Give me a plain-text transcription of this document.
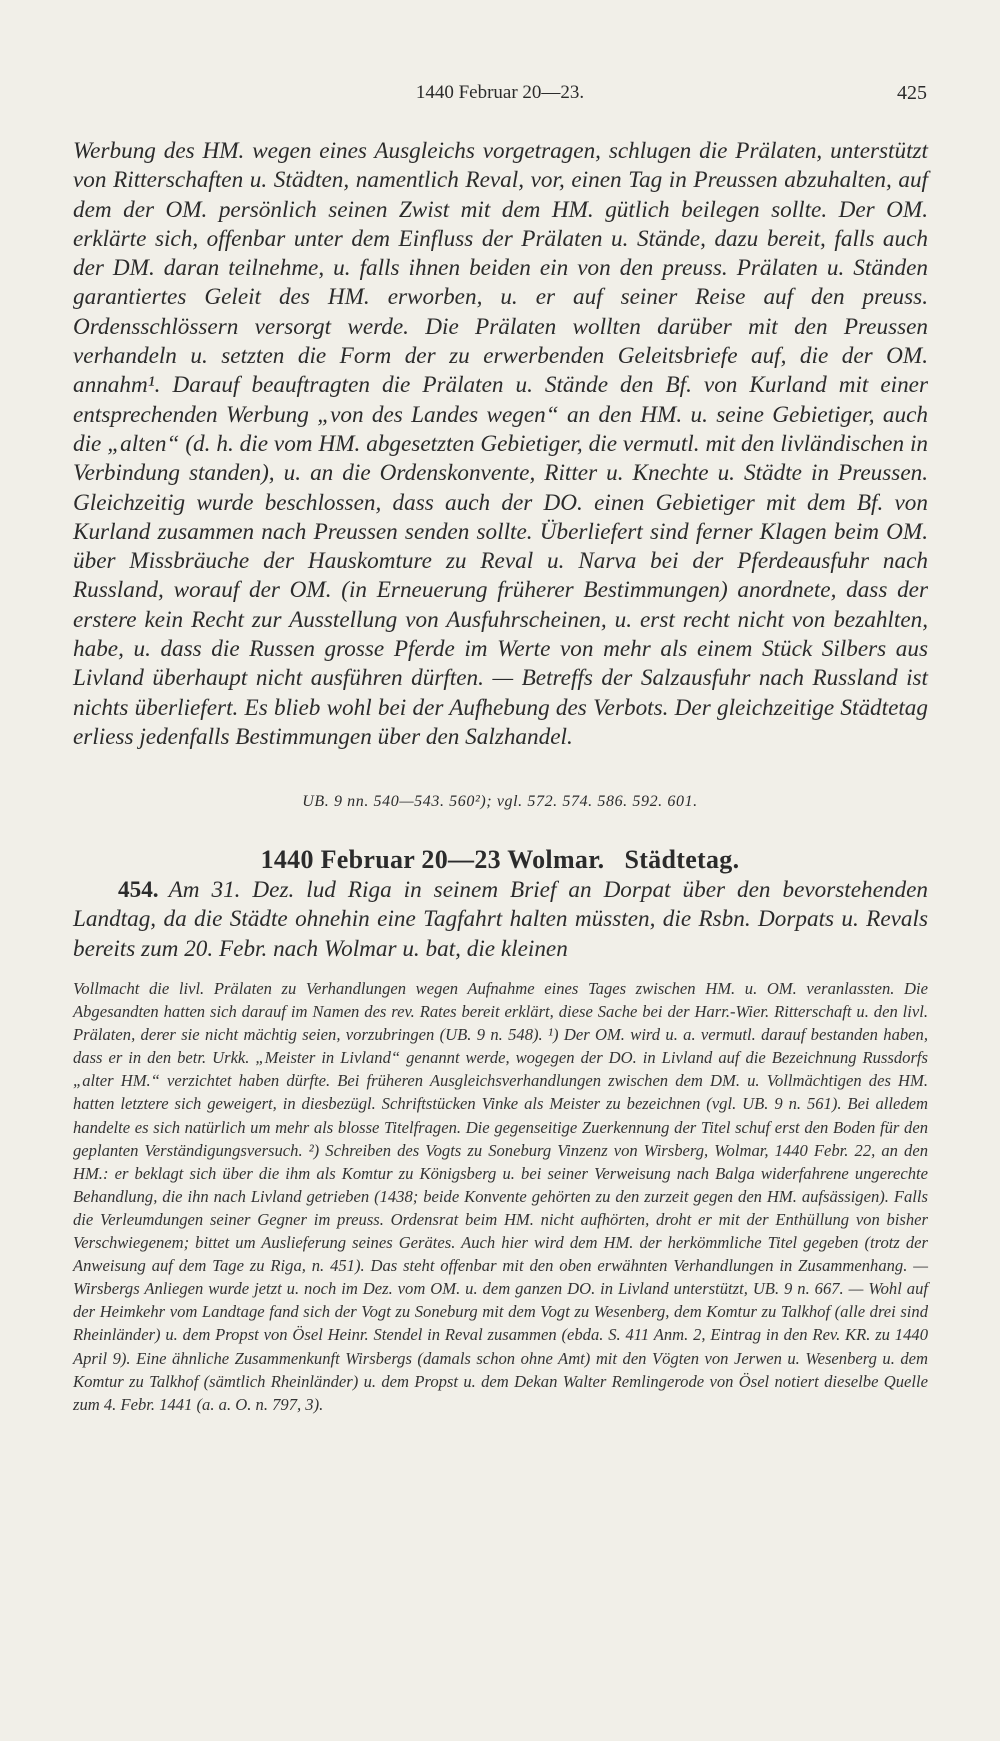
1440 Februar 20—23.	425

Werbung des HM. wegen eines Ausgleichs vorgetragen, schlugen die Prälaten, unterstützt von Ritterschaften u. Städten, namentlich Reval, vor, einen Tag in Preussen abzuhalten, auf dem der OM. persönlich seinen Zwist mit dem HM. gütlich beilegen sollte. Der OM. erklärte sich, offenbar unter dem Einfluss der Prälaten u. Stände, dazu bereit, falls auch der DM. daran teilnehme, u. falls ihnen beiden ein von den preuss. Prälaten u. Ständen garantiertes Geleit des HM. erworben, u. er auf seiner Reise auf den preuss. Ordensschlössern versorgt werde. Die Prälaten wollten darüber mit den Preussen verhandeln u. setzten die Form der zu erwerbenden Geleitsbriefe auf, die der OM. annahm¹. Darauf beauftragten die Prälaten u. Stände den Bf. von Kurland mit einer entsprechenden Werbung „von des Landes wegen“ an den HM. u. seine Gebietiger, auch die „alten“ (d. h. die vom HM. abgesetzten Gebietiger, die vermutl. mit den livländischen in Verbindung standen), u. an die Ordenskonvente, Ritter u. Knechte u. Städte in Preussen. Gleichzeitig wurde beschlossen, dass auch der DO. einen Gebietiger mit dem Bf. von Kurland zusammen nach Preussen senden sollte. Überliefert sind ferner Klagen beim OM. über Missbräuche der Hauskomture zu Reval u. Narva bei der Pferdeausfuhr nach Russland, worauf der OM. (in Erneuerung früherer Bestimmungen) anordnete, dass der erstere kein Recht zur Ausstellung von Ausfuhrscheinen, u. erst recht nicht von bezahlten, habe, u. dass die Russen grosse Pferde im Werte von mehr als einem Stück Silbers aus Livland überhaupt nicht ausführen dürften. — Betreffs der Salzausfuhr nach Russland ist nichts überliefert. Es blieb wohl bei der Aufhebung des Verbots. Der gleichzeitige Städtetag erliess jedenfalls Bestimmungen über den Salzhandel.

UB. 9 nn. 540—543. 560²); vgl. 572. 574. 586. 592. 601.
1440 Februar 20—23 Wolmar. Städtetag.
454. Am 31. Dez. lud Riga in seinem Brief an Dorpat über den bevorstehenden Landtag, da die Städte ohnehin eine Tagfahrt halten müssten, die Rsbn. Dorpats u. Revals bereits zum 20. Febr. nach Wolmar u. bat, die kleinen

Vollmacht die livl. Prälaten zu Verhandlungen wegen Aufnahme eines Tages zwischen HM. u. OM. veranlassten. Die Abgesandten hatten sich darauf im Namen des rev. Rates bereit erklärt, diese Sache bei der Harr.-Wier. Ritterschaft u. den livl. Prälaten, derer sie nicht mächtig seien, vorzubringen (UB. 9 n. 548). ¹) Der OM. wird u. a. vermutl. darauf bestanden haben, dass er in den betr. Urkk. „Meister in Livland“ genannt werde, wogegen der DO. in Livland auf die Bezeichnung Russdorfs „alter HM.“ verzichtet haben dürfte. Bei früheren Ausgleichsverhandlungen zwischen dem DM. u. Vollmächtigen des HM. hatten letztere sich geweigert, in diesbezügl. Schriftstücken Vinke als Meister zu bezeichnen (vgl. UB. 9 n. 561). Bei alledem handelte es sich natürlich um mehr als blosse Titelfragen. Die gegenseitige Zuerkennung der Titel schuf erst den Boden für den geplanten Verständigungsversuch. ²) Schreiben des Vogts zu Soneburg Vinzenz von Wirsberg, Wolmar, 1440 Febr. 22, an den HM.: er beklagt sich über die ihm als Komtur zu Königsberg u. bei seiner Verweisung nach Balga widerfahrene ungerechte Behandlung, die ihn nach Livland getrieben (1438; beide Konvente gehörten zu den zurzeit gegen den HM. aufsässigen). Falls die Verleumdungen seiner Gegner im preuss. Ordensrat beim HM. nicht aufhörten, droht er mit der Enthüllung von bisher Verschwiegenem; bittet um Auslieferung seines Gerätes. Auch hier wird dem HM. der herkömmliche Titel gegeben (trotz der Anweisung auf dem Tage zu Riga, n. 451). Das steht offenbar mit den oben erwähnten Verhandlungen in Zusammenhang. — Wirsbergs Anliegen wurde jetzt u. noch im Dez. vom OM. u. dem ganzen DO. in Livland unterstützt, UB. 9 n. 667. — Wohl auf der Heimkehr vom Landtage fand sich der Vogt zu Soneburg mit dem Vogt zu Wesenberg, dem Komtur zu Talkhof (alle drei sind Rheinländer) u. dem Propst von Ösel Heinr. Stendel in Reval zusammen (ebda. S. 411 Anm. 2, Eintrag in den Rev. KR. zu 1440 April 9). Eine ähnliche Zusammenkunft Wirsbergs (damals schon ohne Amt) mit den Vögten von Jerwen u. Wesenberg u. dem Komtur zu Talkhof (sämtlich Rheinländer) u. dem Propst u. dem Dekan Walter Remlingerode von Ösel notiert dieselbe Quelle zum 4. Febr. 1441 (a. a. O. n. 797, 3).
